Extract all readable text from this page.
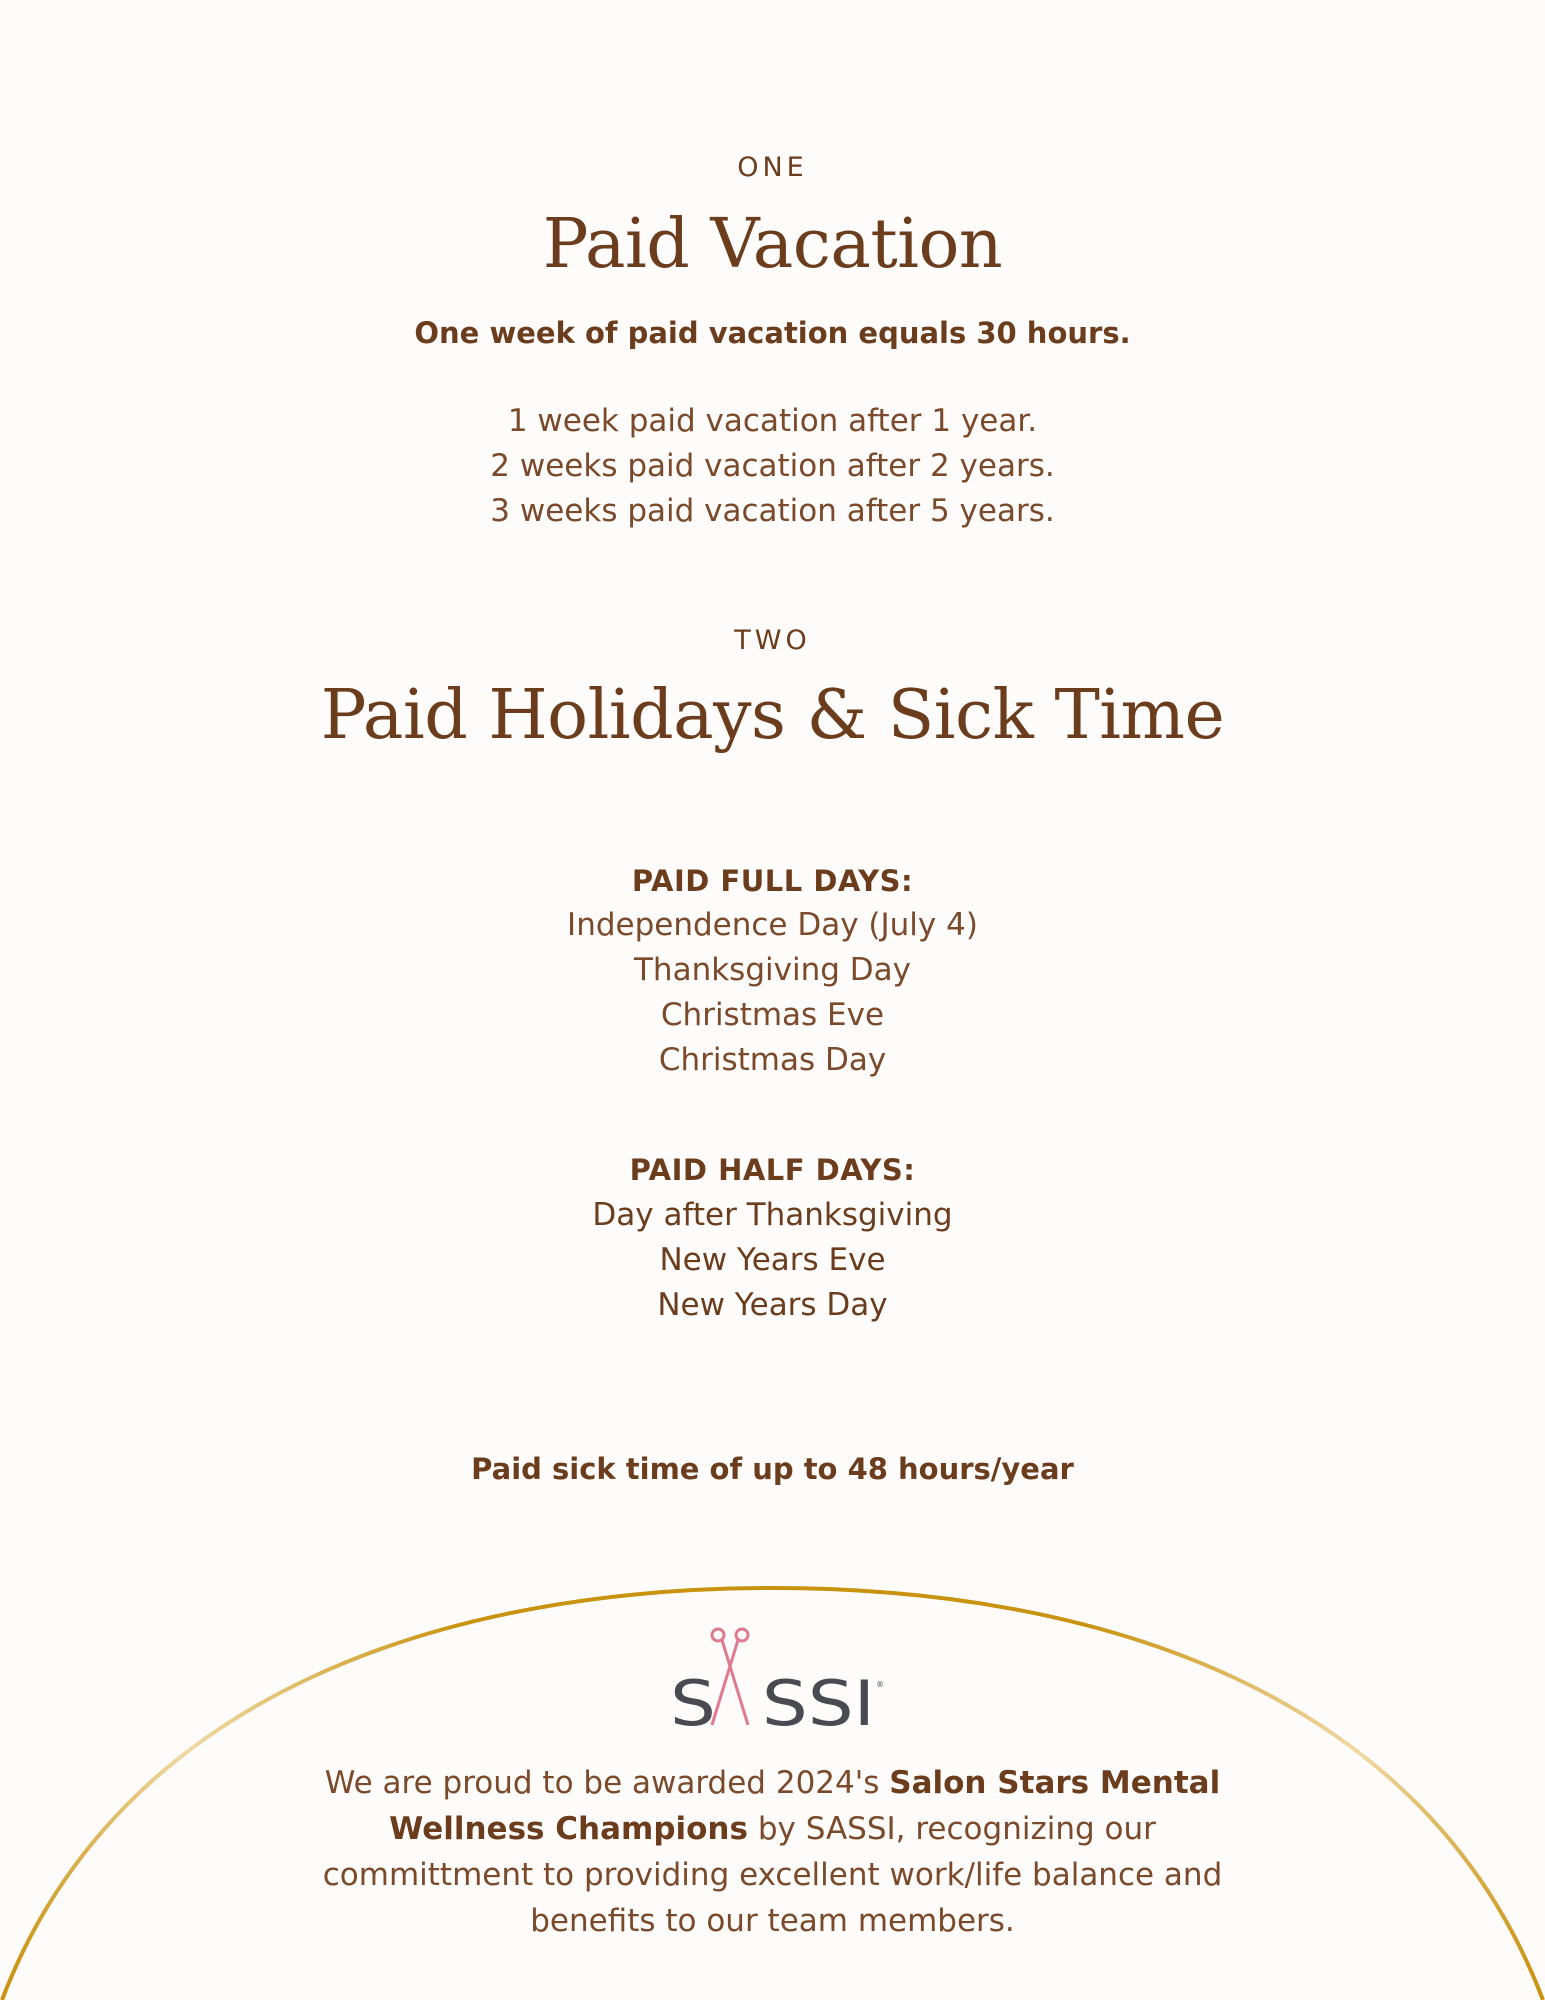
ONE
Paid Vacation
One week of paid vacation equals 30 hours.
1 week paid vacation after 1 year.
2 weeks paid vacation after 2 years.
3 weeks paid vacation after 5 years.
TWO
Paid Holidays & Sick Time
PAID FULL DAYS:
Independence Day (July 4)
Thanksgiving Day
Christmas Eve
Christmas Day
PAID HALF DAYS:
Day after Thanksgiving
New Years Eve
New Years Day
Paid sick time of up to 48 hours/year
S  SSI ®
We are proud to be awarded 2024's Salon Stars Mental Wellness Champions by SASSI, recognizing our committment to providing excellent work/life balance and benefits to our team members.
